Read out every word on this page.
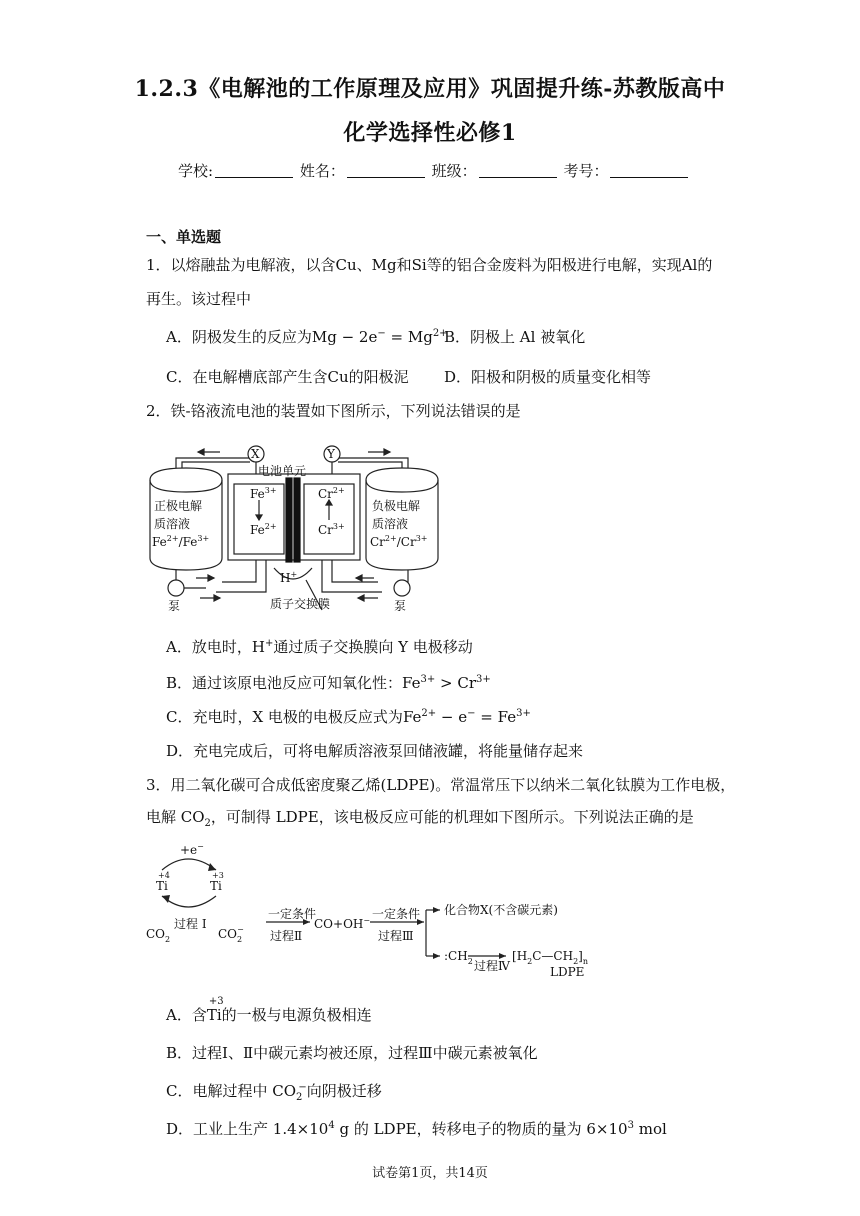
1.2.3《电解池的工作原理及应用》巩固提升练-苏教版高中
化学选择性必修1
学校:	姓名：	班级：	考号：
一、单选题
1．以熔融盐为电解液，以含Cu、Mg和Si等的铝合金废料为阳极进行电解，实现Al的
再生。该过程中
A．阴极发生的反应为$Mg - 2e^- = Mg^{2+}$
B．阴极上 Al 被氧化
C．在电解槽底部产生含Cu的阳极泥 D．阳极和阴极的质量变化相等
2．铁-铬液流电池的装置如下图所示，下列说法错误的是
X	Y
电池单元
正极电解
质溶液
$Fe^{2+}/Fe^{3+}$
负极电解
质溶液
$Cr^{2+}/Cr^{3+}$
$Fe^{3+}$
$Fe^{2+}$
$Cr^{2+}$
$Cr^{3+}$
H+
质子交换膜
泵	泵
A．放电时，H+通过质子交换膜向 Y 电极移动
B．通过该原电池反应可知氧化性：$Fe^{3+} > Cr^{3+}$
C．充电时，X 电极的电极反应式为$Fe^{2+} - e^- = Fe^{3+}$
D．充电完成后，可将电解质溶液泵回储液罐，将能量储存起来
3．用二氧化碳可合成低密度聚乙烯(LDPE)。常温常压下以纳米二氧化钛膜为工作电极，
电解 $CO_2$，可制得 LDPE，该电极反应可能的机理如下图所示。下列说法正确的是
+e−
+4
Ti
+3
Ti
$CO_2$
过程 Ⅰ
$CO_2-$
一定条件
过程Ⅱ
CO+OH− 一定条件
过程Ⅲ
化合物X(不含碳元素)
$:CH_2$ 过程Ⅳ
$[H_2C—CH_2]_n$
LDPE
A．含Ti
+3
的一极与电源负极相连
B．过程Ⅰ、Ⅱ中碳元素均被还原，过程Ⅲ中碳元素被氧化
C．电解过程中 $CO_2^-$向阴极迁移
D．工业上生产 $1.4\times 10^4$ g 的 LDPE，转移电子的物质的量为 $6\times 10^3$ mol
试卷第1页，共14页
